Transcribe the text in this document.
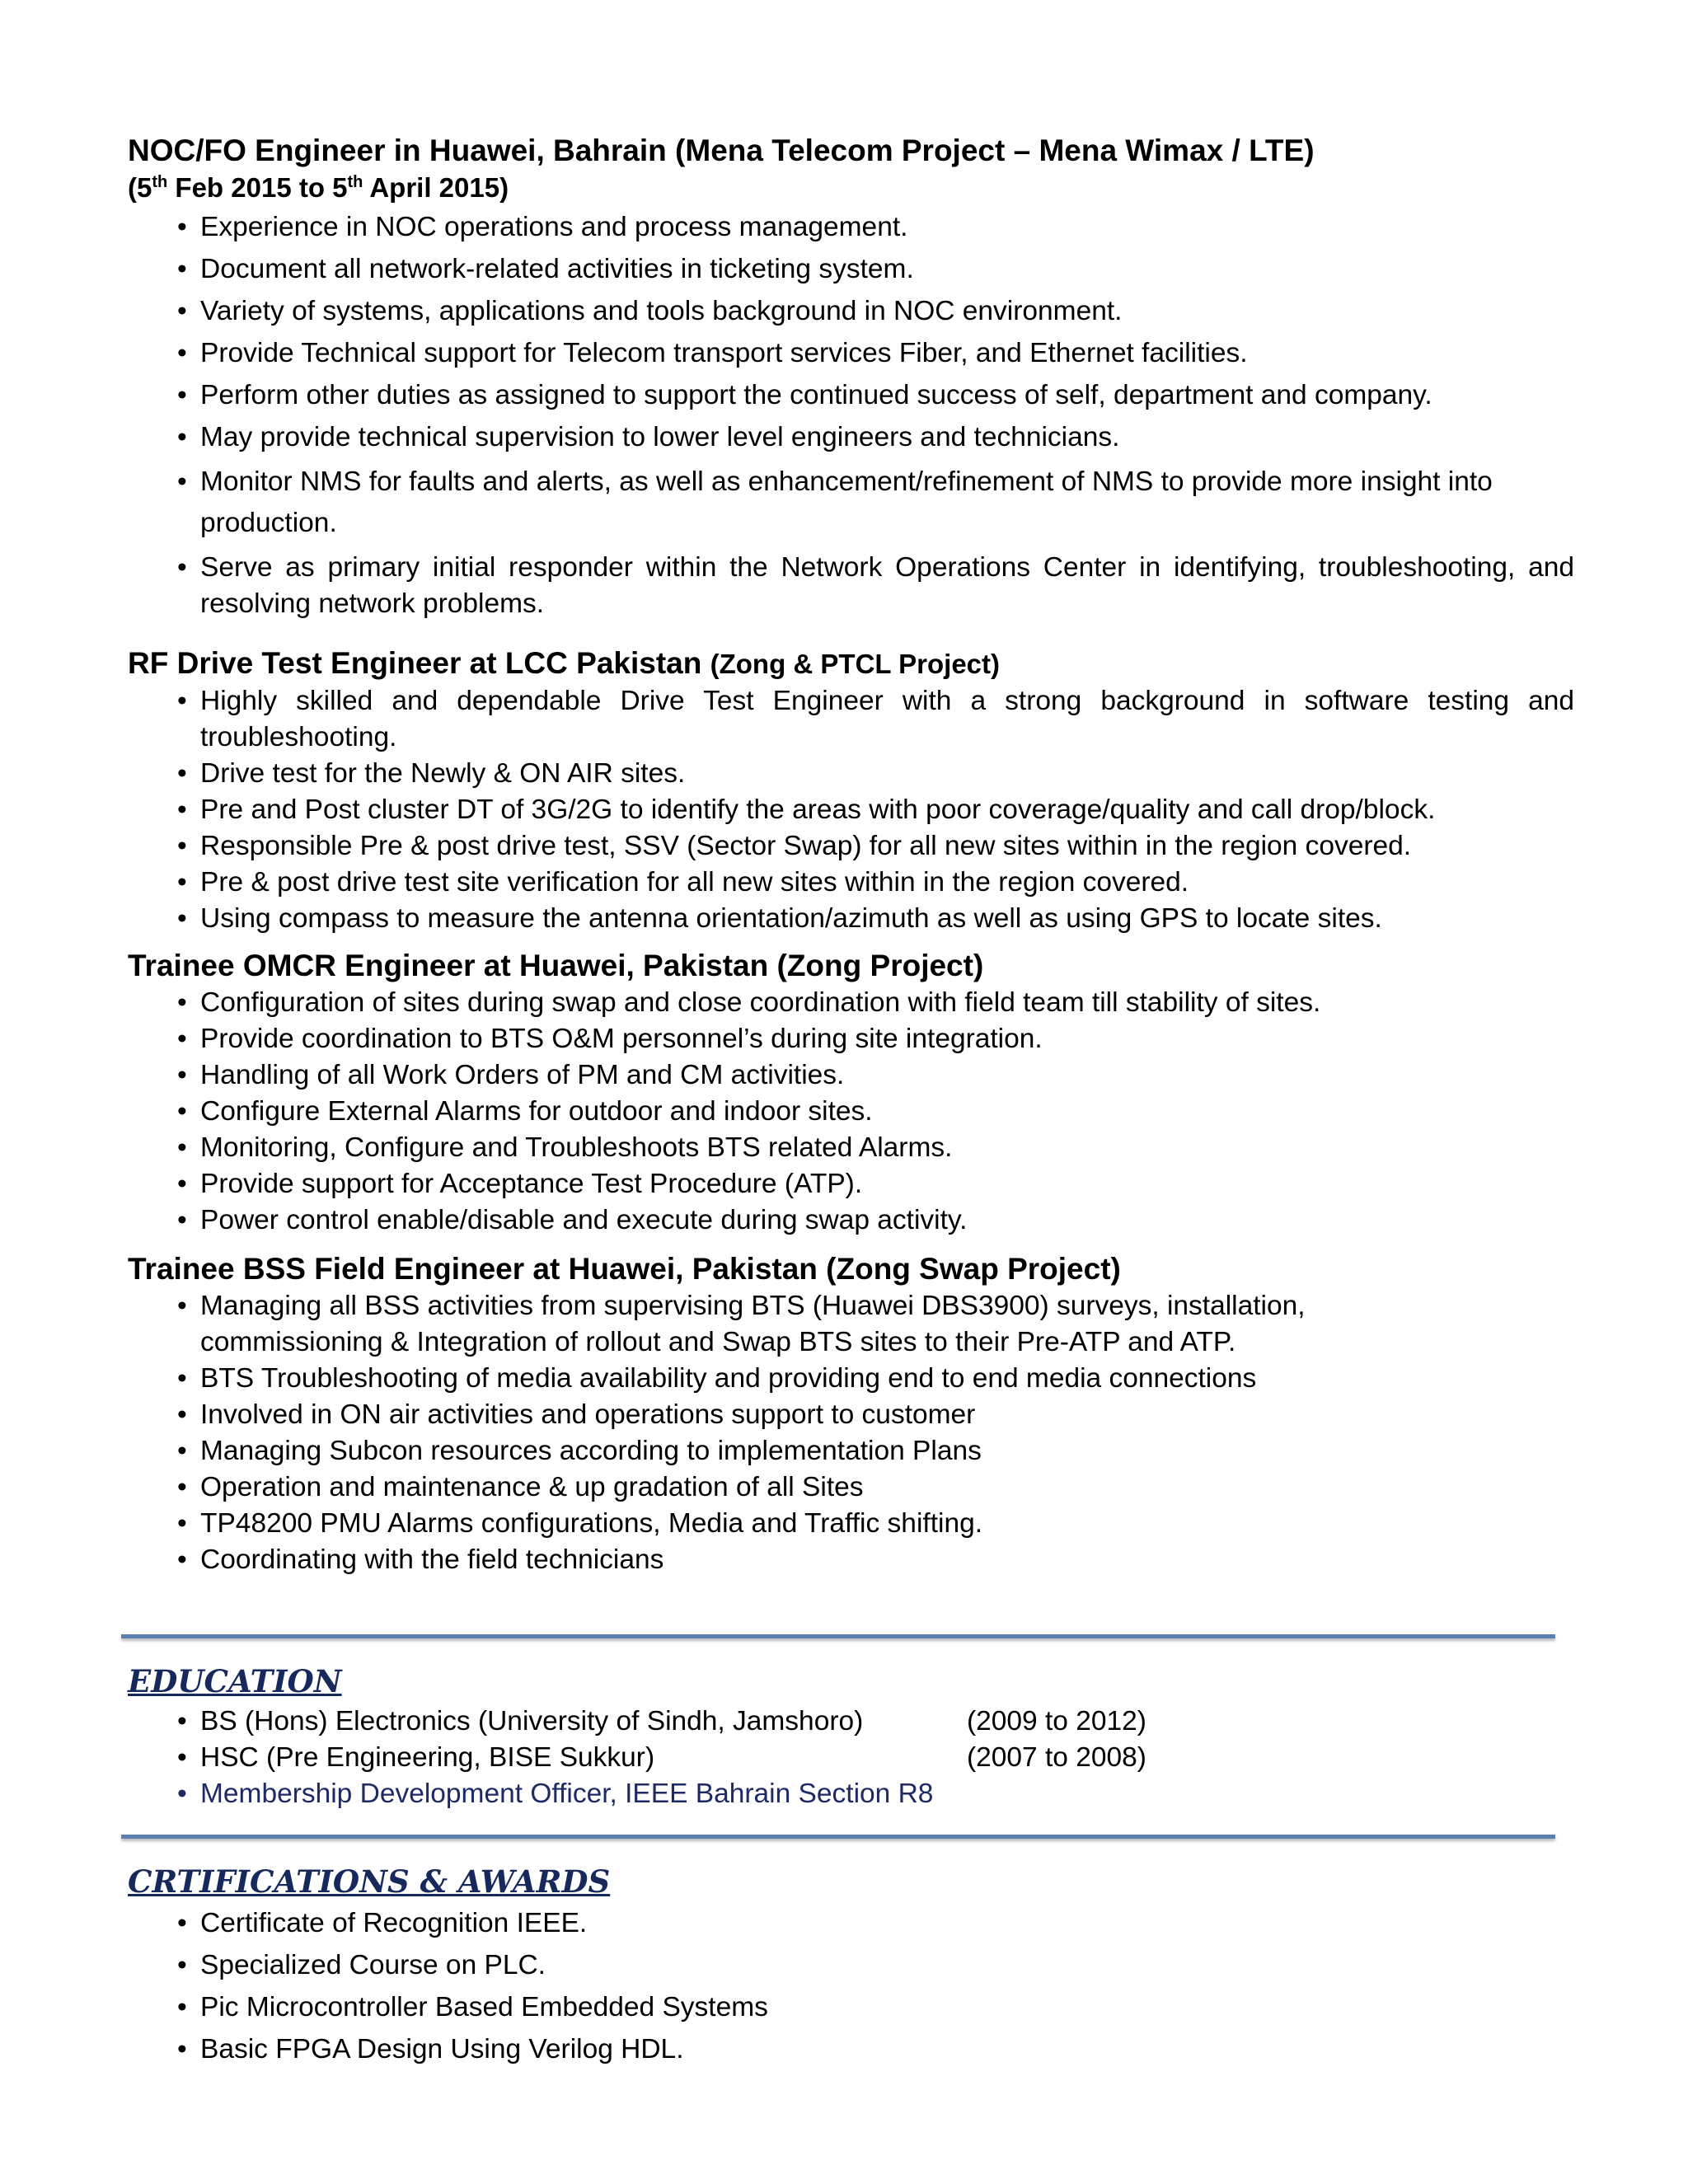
NOC/FO Engineer in Huawei, Bahrain (Mena Telecom Project – Mena Wimax / LTE)

(5th Feb 2015 to 5th April 2015)

• Experience in NOC operations and process management.
• Document all network-related activities in ticketing system.
• Variety of systems, applications and tools background in NOC environment.
• Provide Technical support for Telecom transport services Fiber, and Ethernet facilities.
• Perform other duties as assigned to support the continued success of self, department and company.
• May provide technical supervision to lower level engineers and technicians.
• Monitor NMS for faults and alerts, as well as enhancement/refinement of NMS to provide more insight into production.
• Serve as primary initial responder within the Network Operations Center in identifying, troubleshooting, and resolving network problems.

RF Drive Test Engineer at LCC Pakistan (Zong & PTCL Project)

• Highly skilled and dependable Drive Test Engineer with a strong background in software testing and troubleshooting.
• Drive test for the Newly & ON AIR sites.
• Pre and Post cluster DT of 3G/2G to identify the areas with poor coverage/quality and call drop/block.
• Responsible Pre & post drive test, SSV (Sector Swap) for all new sites within in the region covered.
• Pre & post drive test site verification for all new sites within in the region covered.
• Using compass to measure the antenna orientation/azimuth as well as using GPS to locate sites.

Trainee OMCR Engineer at Huawei, Pakistan (Zong Project)

• Configuration of sites during swap and close coordination with field team till stability of sites.
• Provide coordination to BTS O&M personnel’s during site integration.
• Handling of all Work Orders of PM and CM activities.
• Configure External Alarms for outdoor and indoor sites.
• Monitoring, Configure and Troubleshoots BTS related Alarms.
• Provide support for Acceptance Test Procedure (ATP).
• Power control enable/disable and execute during swap activity.

Trainee BSS Field Engineer at Huawei, Pakistan (Zong Swap Project)

• Managing all BSS activities from supervising BTS (Huawei DBS3900) surveys, installation, commissioning & Integration of rollout and Swap BTS sites to their Pre-ATP and ATP.
• BTS Troubleshooting of media availability and providing end to end media connections
• Involved in ON air activities and operations support to customer
• Managing Subcon resources according to implementation Plans
• Operation and maintenance & up gradation of all Sites
• TP48200 PMU Alarms configurations, Media and Traffic shifting.
• Coordinating with the field technicians

EDUCATION

• BS (Hons) Electronics (University of Sindh, Jamshoro)	(2009 to 2012)
• HSC (Pre Engineering, BISE Sukkur)	(2007 to 2008)
• Membership Development Officer, IEEE Bahrain Section R8

CRTIFICATIONS & AWARDS

• Certificate of Recognition IEEE.
• Specialized Course on PLC.
• Pic Microcontroller Based Embedded Systems
• Basic FPGA Design Using Verilog HDL.
